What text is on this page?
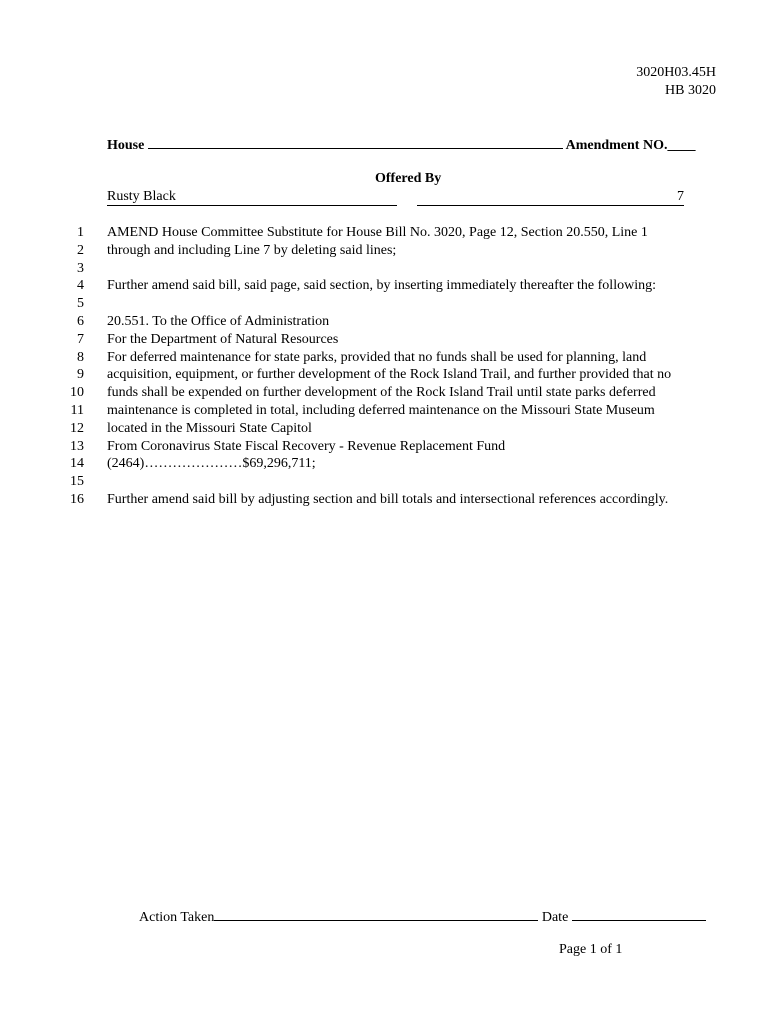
3020H03.45H
HB 3020
House	Amendment NO.____
Offered By
Rusty Black	7
1 AMEND House Committee Substitute for House Bill No. 3020, Page 12, Section 20.550, Line 1
2 through and including Line 7 by deleting said lines;
3
4 Further amend said bill, said page, said section, by inserting immediately thereafter the following:
5
6 20.551. To the Office of Administration
7 For the Department of Natural Resources
8 For deferred maintenance for state parks, provided that no funds shall be used for planning, land
9 acquisition, equipment, or further development of the Rock Island Trail, and further provided that no
10 funds shall be expended on further development of the Rock Island Trail until state parks deferred
11 maintenance is completed in total, including deferred maintenance on the Missouri State Museum
12 located in the Missouri State Capitol
13 From Coronavirus State Fiscal Recovery - Revenue Replacement Fund
14 (2464)…………………$69,296,711;
15
16 Further amend said bill by adjusting section and bill totals and intersectional references accordingly.
Action Taken	Date
Page 1 of 1
